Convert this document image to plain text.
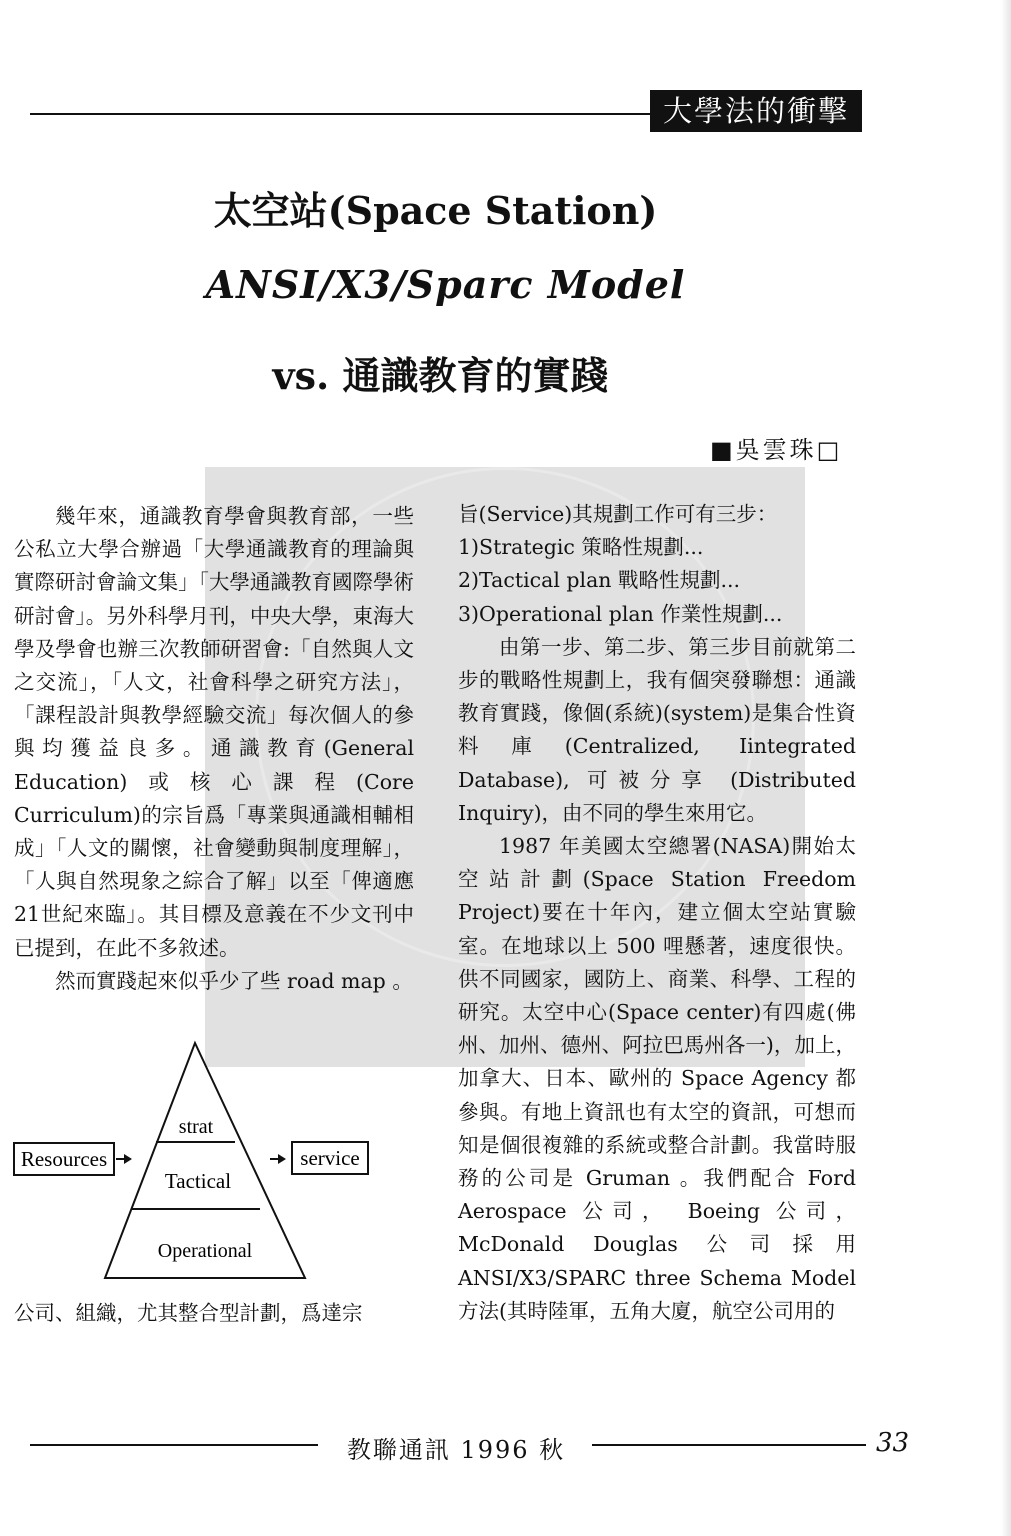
大學法的衝擊
太空站(Space Station)
ANSI/X3/Sparc Model
vs. 通識教育的實踐
■吳雲珠□

幾年來，通識教育學會與教育部，一些公私立大學合辦過「大學通識教育的理論與實際研討會論文集」「大學通識教育國際學術研討會」。另外科學月刊，中央大學，東海大學及學會也辦三次教師研習會:「自然與人文之交流」，「人文，社會科學之研究方法」，「課程設計與教學經驗交流」每次個人的參與均獲益良多。通識教育(General Education)或核心課程(Core Curriculum)的宗旨爲「專業與通識相輔相成」「人文的關懷，社會變動與制度理解」，「人與自然現象之綜合了解」以至「俾適應21世紀來臨」。其目標及意義在不少文刊中已提到，在此不多敘述。

然而實踐起來似乎少了些 road map 。

strat
Tactical
Operational
Resources	service

公司、組織，尤其整合型計劃，爲達宗

旨(Service)其規劃工作可有三步：

1)Strategic 策略性規劃...

2)Tactical plan 戰略性規劃...

3)Operational plan 作業性規劃...

由第一步、第二步、第三步目前就第二步的戰略性規劃上，我有個突發聯想：通識教育實踐，像個(系統)(system)是集合性資料庫(Centralized, Iintegrated Database), 可被分享 (Distributed Inquiry)，由不同的學生來用它。

1987 年美國太空總署(NASA)開始太空站計劃(Space Station Freedom Project)要在十年內，建立個太空站實驗室。在地球以上 500 哩懸著，速度很快。供不同國家，國防上、商業、科學、工程的研究。太空中心(Space center)有四處(佛州、加州、德州、阿拉巴馬州各一)，加上，加拿大、日本、歐州的 Space Agency 都參與。有地上資訊也有太空的資訊，可想而知是個很複雜的系統或整合計劃。我當時服務的公司是 Gruman 。我們配合 Ford Aerospace 公司， Boeing 公司， McDonald Douglas 公司採用 ANSI/X3/SPARC three Schema Model 方法(其時陸軍，五角大廈，航空公司用的

教聯通訊 1996 秋	33
